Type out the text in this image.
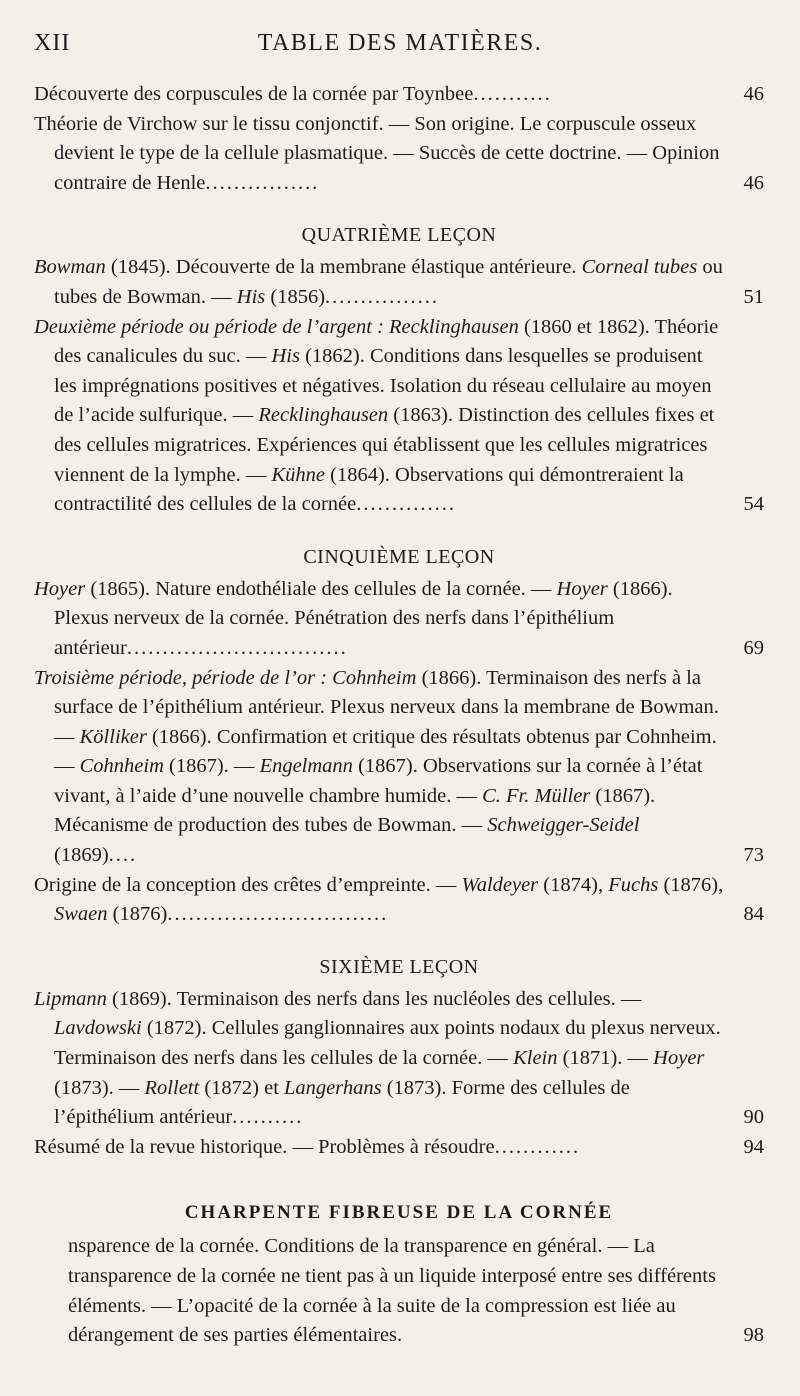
XII	TABLE DES MATIÈRES.
Découverte des corpuscules de la cornée par Toynbee...........	46
Théorie de Virchow sur le tissu conjonctif. — Son origine. Le corpuscule osseux devient le type de la cellule plasmatique. — Succès de cette doctrine. — Opinion contraire de Henle................	46
QUATRIÈME LEÇON
Bowman (1845). Découverte de la membrane élastique antérieure. Corneal tubes ou tubes de Bowman. — His (1856)................	51
Deuxième période ou période de l’argent : Recklinghausen (1860 et 1862). Théorie des canalicules du suc. — His (1862). Conditions dans lesquelles se produisent les imprégnations positives et négatives. Isolation du réseau cellulaire au moyen de l’acide sulfurique. — Recklinghausen (1863). Distinction des cellules fixes et des cellules migratrices. Expériences qui établissent que les cellules migratrices viennent de la lymphe. — Kühne (1864). Observations qui démontreraient la contractilité des cellules de la cornée..............	54
CINQUIÈME LEÇON
Hoyer (1865). Nature endothéliale des cellules de la cornée. — Hoyer (1866). Plexus nerveux de la cornée. Pénétration des nerfs dans l’épithélium antérieur...............................	69
Troisième période, période de l’or : Cohnheim (1866). Terminaison des nerfs à la surface de l’épithélium antérieur. Plexus nerveux dans la membrane de Bowman. — Kölliker (1866). Confirmation et critique des résultats obtenus par Cohnheim. — Cohnheim (1867). — Engelmann (1867). Observations sur la cornée à l’état vivant, à l’aide d’une nouvelle chambre humide. — C. Fr. Müller (1867). Mécanisme de production des tubes de Bowman. — Schweigger-Seidel (1869)....	73
Origine de la conception des crêtes d’empreinte. — Waldeyer (1874), Fuchs (1876), Swaen (1876)...............................	84
SIXIÈME LEÇON
Lipmann (1869). Terminaison des nerfs dans les nucléoles des cellules. — Lavdowski (1872). Cellules ganglionnaires aux points nodaux du plexus nerveux. Terminaison des nerfs dans les cellules de la cornée. — Klein (1871). — Hoyer (1873). — Rollett (1872) et Langerhans (1873). Forme des cellules de l’épithélium antérieur..........	90
Résumé de la revue historique. — Problèmes à résoudre............	94
CHARPENTE FIBREUSE DE LA CORNÉE
nsparence de la cornée. Conditions de la transparence en général. — La transparence de la cornée ne tient pas à un liquide interposé entre ses différents éléments. — L’opacité de la cornée à la suite de la compression est liée au dérangement de ses parties élémentaires.	98
